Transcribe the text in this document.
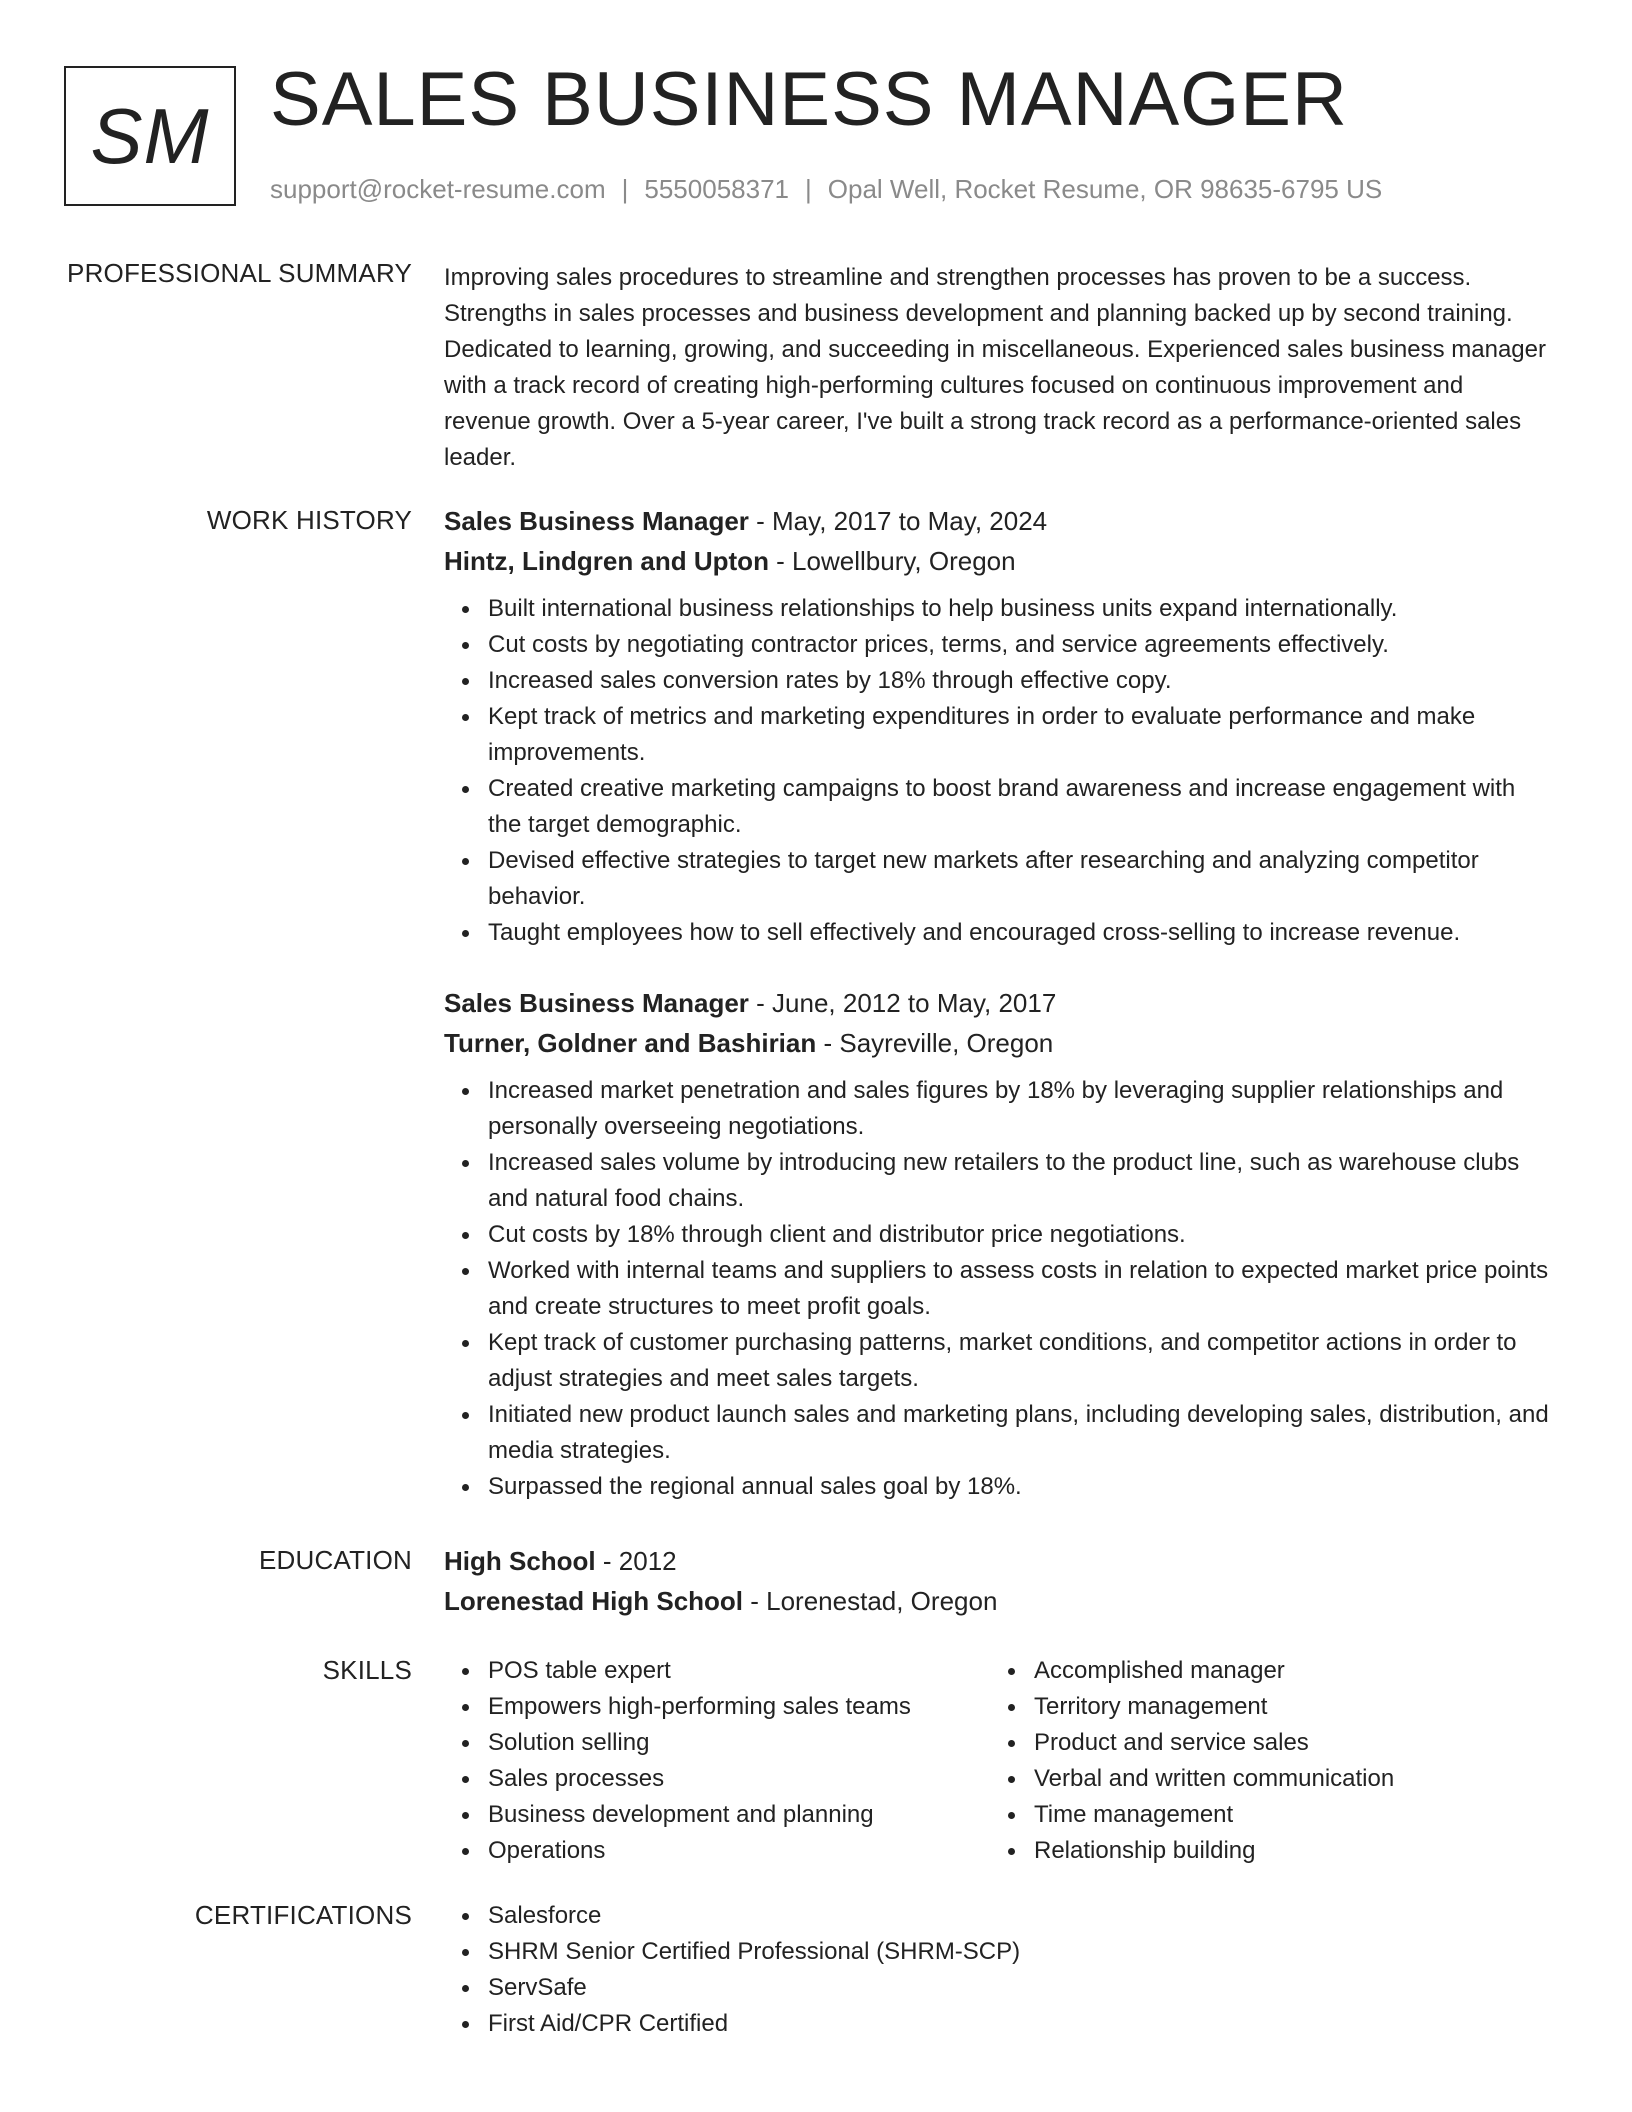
SM SALES BUSINESS MANAGER
support@rocket-resume.com | 5550058371 | Opal Well, Rocket Resume, OR 98635-6795 US
PROFESSIONAL SUMMARY Improving sales procedures to streamline and strengthen processes has proven to be a success. Strengths in sales processes and business development and planning backed up by second training. Dedicated to learning, growing, and succeeding in miscellaneous. Experienced sales business manager with a track record of creating high-performing cultures focused on continuous improvement and revenue growth. Over a 5-year career, I've built a strong track record as a performance-oriented sales leader.

WORK HISTORY Sales Business Manager - May, 2017 to May, 2024
Hintz, Lindgren and Upton - Lowellbury, Oregon
Built international business relationships to help business units expand internationally.
Cut costs by negotiating contractor prices, terms, and service agreements effectively.
Increased sales conversion rates by 18% through effective copy.
Kept track of metrics and marketing expenditures in order to evaluate performance and make improvements.
Created creative marketing campaigns to boost brand awareness and increase engagement with the target demographic.
Devised effective strategies to target new markets after researching and analyzing competitor behavior.
Taught employees how to sell effectively and encouraged cross-selling to increase revenue.
Sales Business Manager - June, 2012 to May, 2017
Turner, Goldner and Bashirian - Sayreville, Oregon
Increased market penetration and sales figures by 18% by leveraging supplier relationships and personally overseeing negotiations.
Increased sales volume by introducing new retailers to the product line, such as warehouse clubs and natural food chains.
Cut costs by 18% through client and distributor price negotiations.
Worked with internal teams and suppliers to assess costs in relation to expected market price points and create structures to meet profit goals.
Kept track of customer purchasing patterns, market conditions, and competitor actions in order to adjust strategies and meet sales targets.
Initiated new product launch sales and marketing plans, including developing sales, distribution, and media strategies.
Surpassed the regional annual sales goal by 18%.
EDUCATION High School - 2012
Lorenestad High School - Lorenestad, Oregon
SKILLS	POS table expert
Empowers high-performing sales teams
Solution selling
Sales processes
Business development and planning
Operations
Accomplished manager
Territory management
Product and service sales
Verbal and written communication
Time management
Relationship building
CERTIFICATIONS	Salesforce
SHRM Senior Certified Professional (SHRM-SCP)
ServSafe
First Aid/CPR Certified
